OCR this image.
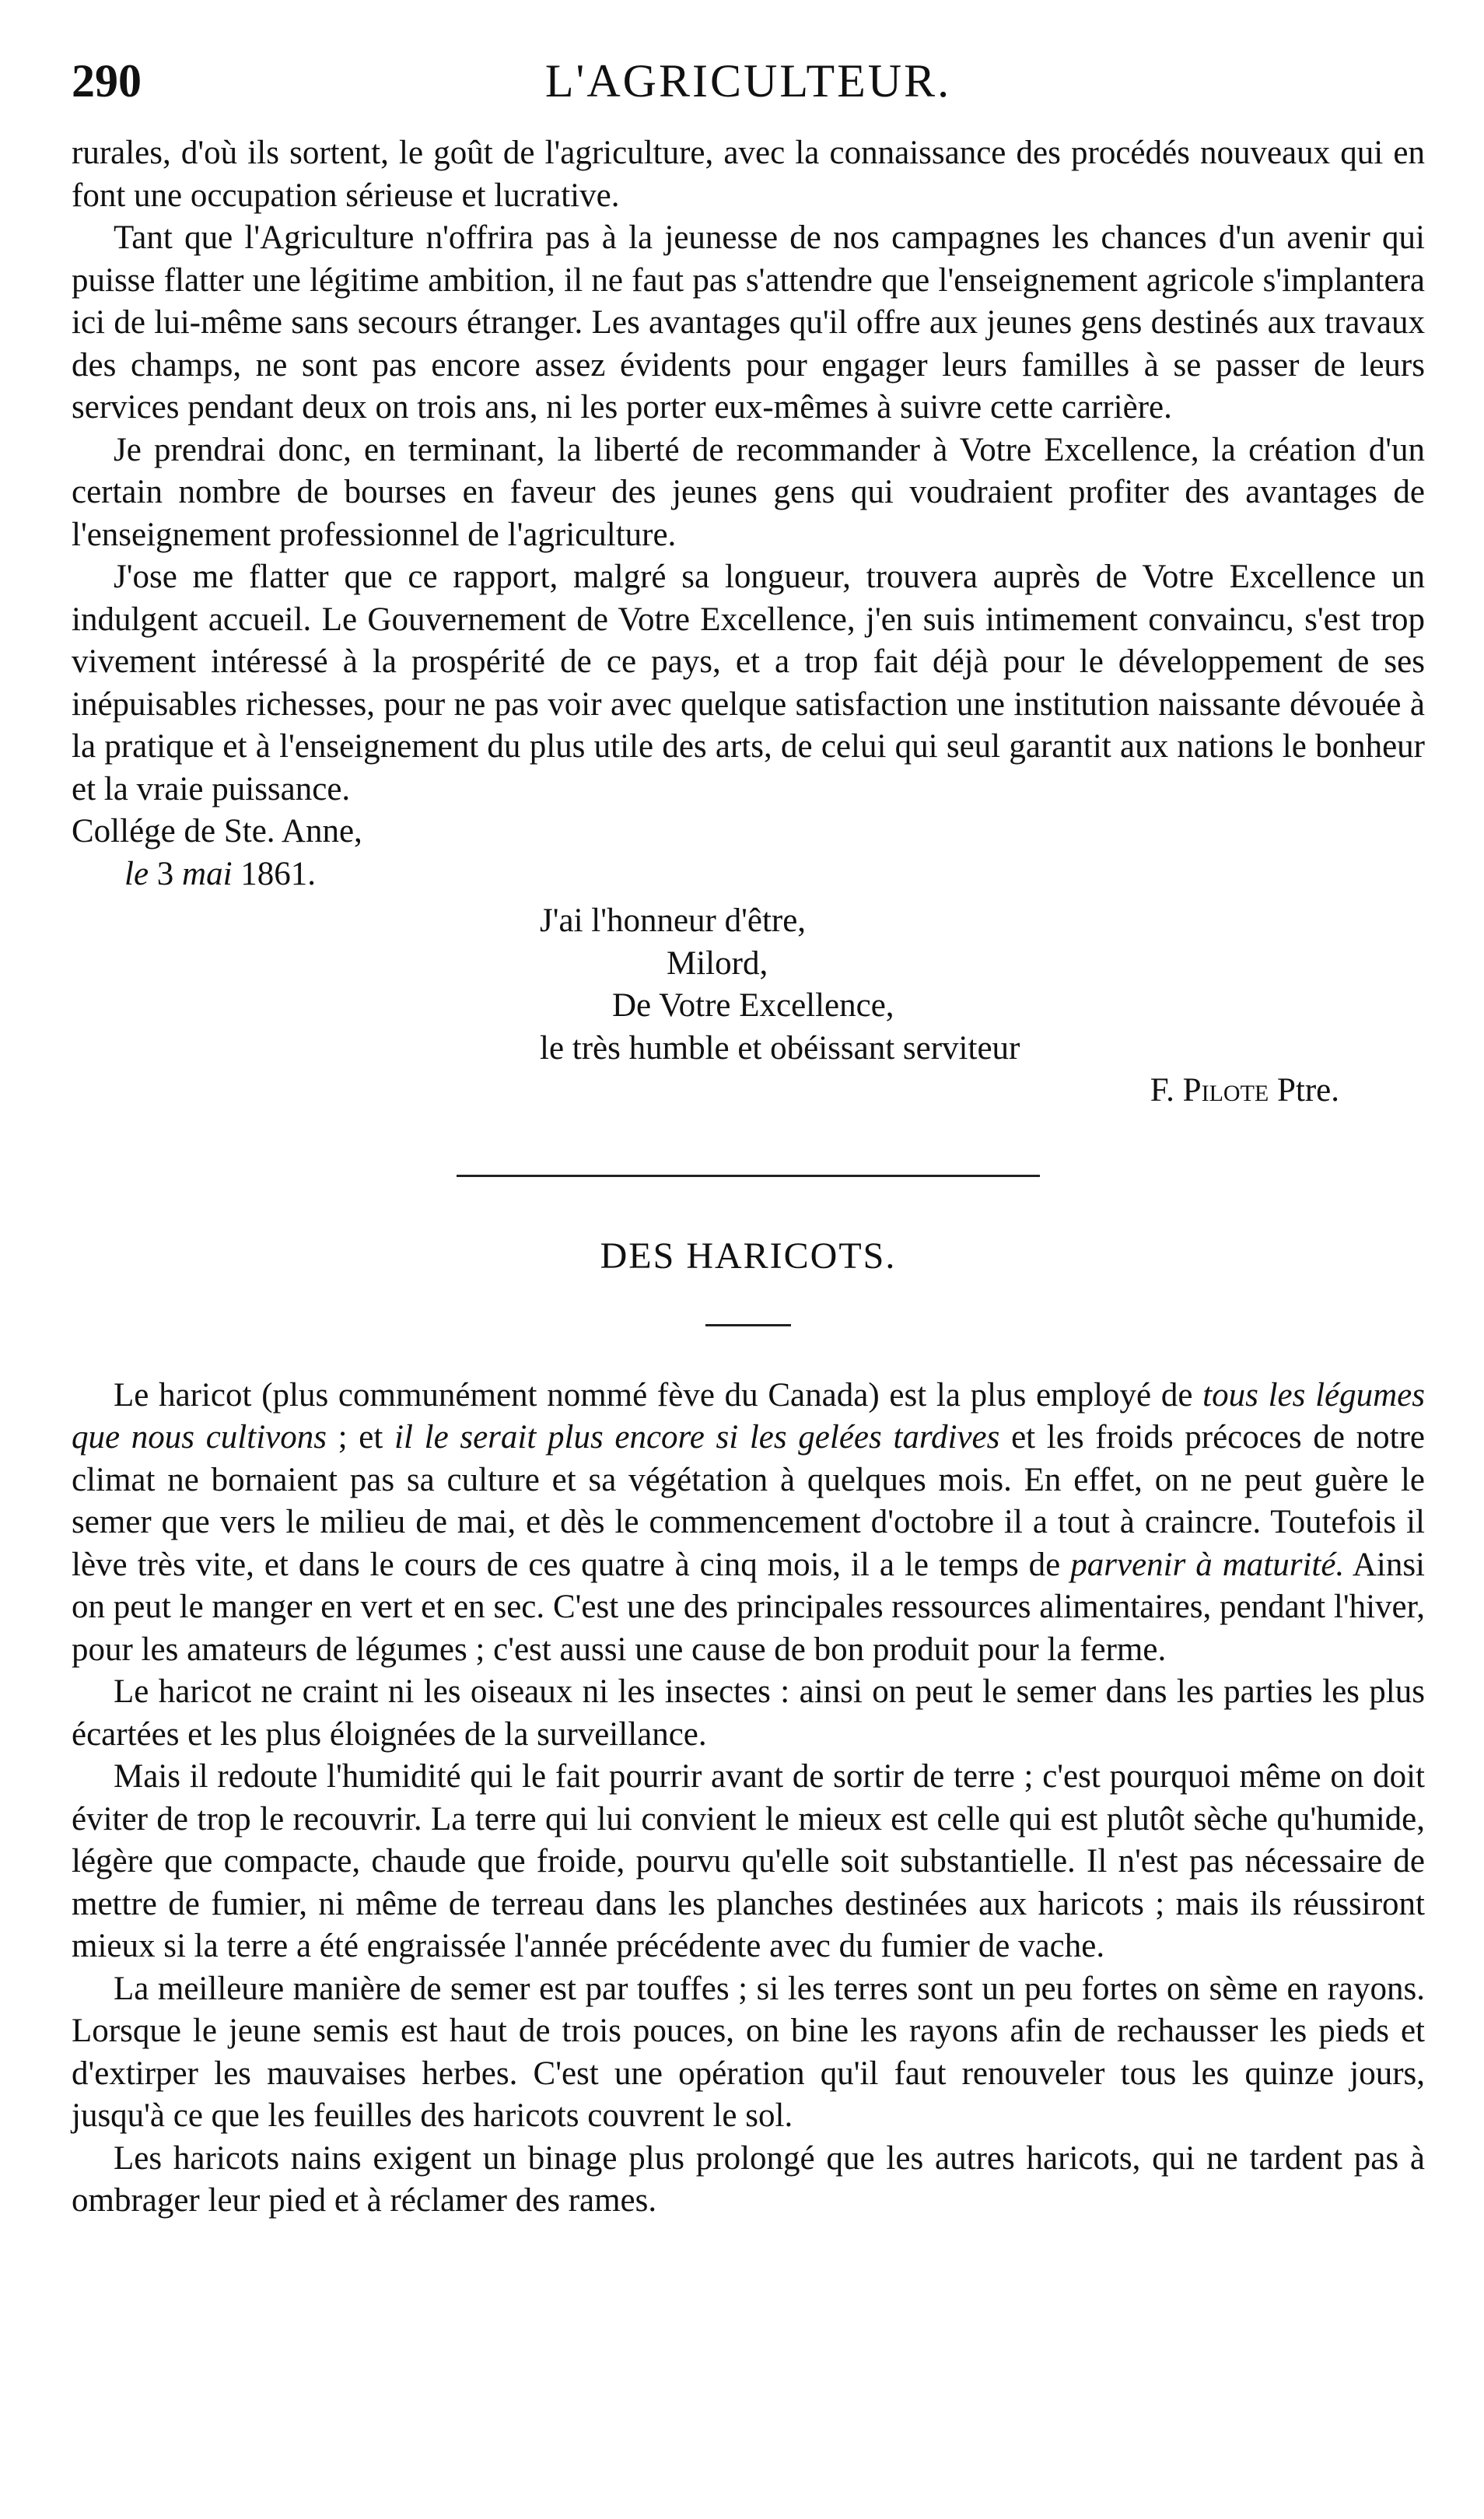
290	L'AGRICULTEUR.

rurales, d'où ils sortent, le goût de l'agriculture, avec la connaissance des procédés nouveaux qui en font une occupation sérieuse et lucrative.

Tant que l'Agriculture n'offrira pas à la jeunesse de nos campagnes les chances d'un avenir qui puisse flatter une légitime ambition, il ne faut pas s'attendre que l'enseignement agricole s'implantera ici de lui-même sans secours étranger. Les avantages qu'il offre aux jeunes gens destinés aux travaux des champs, ne sont pas encore assez évidents pour engager leurs familles à se passer de leurs services pendant deux on trois ans, ni les porter eux-mêmes à suivre cette carrière.

Je prendrai donc, en terminant, la liberté de recommander à Votre Excellence, la création d'un certain nombre de bourses en faveur des jeunes gens qui voudraient profiter des avantages de l'enseignement professionnel de l'agriculture.

J'ose me flatter que ce rapport, malgré sa longueur, trouvera auprès de Votre Excellence un indulgent accueil. Le Gouvernement de Votre Excellence, j'en suis intimement convaincu, s'est trop vivement intéressé à la prospérité de ce pays, et a trop fait déjà pour le développement de ses inépuisables richesses, pour ne pas voir avec quelque satisfaction une institution naissante dévouée à la pratique et à l'enseignement du plus utile des arts, de celui qui seul garantit aux nations le bonheur et la vraie puissance.

Collége de Ste. Anne,
le 3 mai 1861.
J'ai l'honneur d'être,
Milord,
De Votre Excellence,
le très humble et obéissant serviteur
F. Pilote Ptre.
DES HARICOTS.

Le haricot (plus communément nommé fève du Canada) est la plus employé de tous les légumes que nous cultivons ; et il le serait plus encore si les gelées tardives et les froids précoces de notre climat ne bornaient pas sa culture et sa végétation à quelques mois. En effet, on ne peut guère le semer que vers le milieu de mai, et dès le commencement d'octobre il a tout à craincre. Toutefois il lève très vite, et dans le cours de ces quatre à cinq mois, il a le temps de parvenir à maturité. Ainsi on peut le manger en vert et en sec. C'est une des principales ressources alimentaires, pendant l'hiver, pour les amateurs de légumes ; c'est aussi une cause de bon produit pour la ferme.

Le haricot ne craint ni les oiseaux ni les insectes : ainsi on peut le semer dans les parties les plus écartées et les plus éloignées de la surveillance.

Mais il redoute l'humidité qui le fait pourrir avant de sortir de terre ; c'est pourquoi même on doit éviter de trop le recouvrir. La terre qui lui convient le mieux est celle qui est plutôt sèche qu'humide, légère que compacte, chaude que froide, pourvu qu'elle soit substantielle. Il n'est pas nécessaire de mettre de fumier, ni même de terreau dans les planches destinées aux haricots ; mais ils réussiront mieux si la terre a été engraissée l'année précédente avec du fumier de vache.

La meilleure manière de semer est par touffes ; si les terres sont un peu fortes on sème en rayons. Lorsque le jeune semis est haut de trois pouces, on bine les rayons afin de rechausser les pieds et d'extirper les mauvaises herbes. C'est une opération qu'il faut renouveler tous les quinze jours, jusqu'à ce que les feuilles des haricots couvrent le sol.

Les haricots nains exigent un binage plus prolongé que les autres haricots, qui ne tardent pas à ombrager leur pied et à réclamer des rames.
